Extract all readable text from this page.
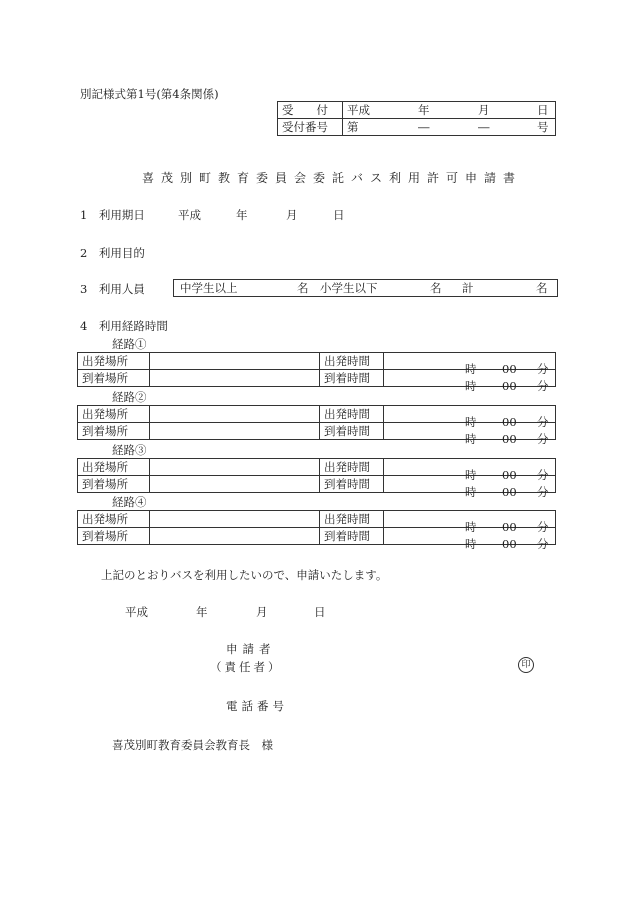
別記様式第1号(第4条関係)
受　　付	平成 年 月 日

受付番号	第 ― ― 号
喜茂別町教育委員会委託バス利用許可申請書
1　利用期日	平成	年	月	日
2　利用目的
3　利用人員	中学生以上	名 小学生以下	名 計	名
4　利用経路時間
経路①
出発場所		出発時間	時 00 分

到着場所		到着時間	時 00 分
経路②
出発場所		出発時間	時 00 分

到着場所		到着時間	時 00 分
経路③
出発場所		出発時間	時 00 分

到着場所		到着時間	時 00 分
経路④
出発場所		出発時間	時 00 分

到着場所		到着時間	時 00 分
上記のとおりバスを利用したいので、申請いたします。
平成	年	月	日
申請者
（責任者）	印
電話番号
喜茂別町教育委員会教育長　様
